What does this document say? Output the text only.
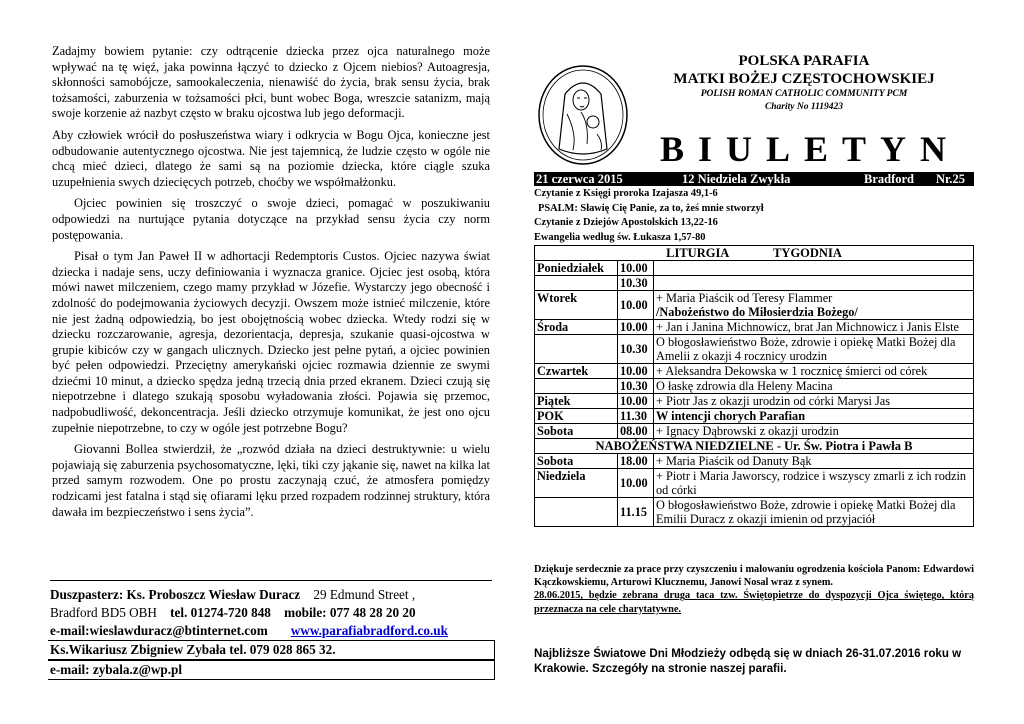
Zadajmy bowiem pytanie: czy odtrącenie dziecka przez ojca naturalnego może wpływać na tę więź, jaka powinna łączyć to dziecko z Ojcem niebios? Autoagresja, skłonności samobójcze, samookaleczenia, nienawiść do życia, brak sensu życia, brak tożsamości, zaburzenia w tożsamości płci, bunt wobec Boga, wreszcie satanizm, mają swoje korzenie aż nazbyt często w braku ojcostwa lub jego deformacji.

Aby człowiek wrócił do posłuszeństwa wiary i odkrycia w Bogu Ojca, konieczne jest odbudowanie autentycznego ojcostwa. Nie jest tajemnicą, że ludzie często w ogóle nie chcą mieć dzieci, dlatego że sami są na poziomie dziecka, które ciągle szuka uzupełnienia swych dziecięcych potrzeb, choćby we współmałżonku.

Ojciec powinien się troszczyć o swoje dzieci, pomagać w poszukiwaniu odpowiedzi na nurtujące pytania dotyczące na przykład sensu życia czy norm postępowania.

Pisał o tym Jan Paweł II w adhortacji Redemptoris Custos. Ojciec nazywa świat dziecka i nadaje sens, uczy definiowania i wyznacza granice. Ojciec jest osobą, która mówi nawet milczeniem, czego mamy przykład w Józefie. Wystarczy jego obecność i zdolność do podejmowania życiowych decyzji. Owszem może istnieć milczenie, które nie jest żadną odpowiedzią, bo jest obojętnością wobec dziecka. Wtedy rodzi się w dziecku rozczarowanie, agresja, dezorientacja, depresja, szukanie quasi-ojcostwa w grupie kibiców czy w gangach ulicznych. Dziecko jest pełne pytań, a ojciec powinien być pełen odpowiedzi. Przeciętny amerykański ojciec rozmawia dziennie ze swymi dziećmi 10 minut, a dziecko spędza jedną trzecią dnia przed ekranem. Dzieci czują się niepotrzebne i dlatego szukają sposobu wyładowania złości. Pojawia się przemoc, nadpobudliwość, dekoncentracja. Jeśli dziecko otrzymuje komunikat, że jest ono ojcu zupełnie niepotrzebne, to czy w ogóle jest potrzebne Bogu?

Giovanni Bollea stwierdził, że „rozwód działa na dzieci destruktywnie: u wielu pojawiają się zaburzenia psychosomatyczne, lęki, tiki czy jąkanie się, nawet na kilka lat przed samym rozwodem. One po prostu zaczynają czuć, że atmosfera pomiędzy rodzicami jest fatalna i stąd się ofiarami lęku przed rozpadem rodzinnej struktury, która dawała im bezpieczeństwo i sens życia”.

Duszpasterz: Ks. Proboszcz Wiesław Duracz 29 Edmund Street ,
Bradford BD5 OBH tel. 01274-720 848 mobile: 077 48 28 20 20
e-mail:wieslawduracz@btinternet.com www.parafiabradford.co.uk
Ks.Wikariusz Zbigniew Zybała tel. 079 028 865 32.
e-mail: zybala.z@wp.pl
POLSKA PARAFIA
MATKI BOŻEJ CZĘSTOCHOWSKIEJ
POLISH ROMAN CATHOLIC COMMUNITY PCM
Charity No 1119423
BIULETYN
21 czerwca 2015	12 Niedziela Zwykła	Bradford Nr.25
Czytanie z Księgi proroka Izajasza 49,1-6
PSALM: Sławię Cię Panie, za to, żeś mnie stworzył
Czytanie z Dziejów Apostolskich 13,22-16
Ewangelia według św. Łukasza 1,57-80
LITURGIA TYGODNIA		
Poniedziałek	10.00	
	10.30	
Wtorek	10.00	+ Maria Piaścik od Teresy Flammer
/Nabożeństwo do Miłosierdzia Bożego/

Środa	10.00	+ Jan i Janina Michnowicz, brat Jan Michnowicz i Janis Elste
	10.30	O błogosławieństwo Boże, zdrowie i opiekę Matki Bożej dla Amelii z okazji 4 rocznicy urodzin
Czwartek	10.00	+ Aleksandra Dekowska w 1 rocznicę śmierci od córek
	10.30	O łaskę zdrowia dla Heleny Macina
Piątek	10.00	+ Piotr Jas z okazji urodzin od córki Marysi Jas
POK	11.30	W intencji chorych Parafian
Sobota	08.00	+ Ignacy Dąbrowski z okazji urodzin
NABOŻEŃSTWA NIEDZIELNE - Ur. Św. Piotra i Pawła B		
Sobota	18.00	+ Maria Piaścik od Danuty Bąk
Niedziela	10.00	+ Piotr i Maria Jaworscy, rodzice i wszyscy zmarli z ich rodzin od córki
	11.15	O błogosławieństwo Boże, zdrowie i opiekę Matki Bożej dla Emilii Duracz z okazji imienin od przyjaciół

Dziękuje serdecznie za prace przy czyszczeniu i malowaniu ogrodzenia kościoła Panom: Edwardowi Kączkowskiemu, Arturowi Klucznemu, Janowi Nosal wraz z synem.

28.06.2015, będzie zebrana druga taca tzw. Świętopietrze do dyspozycji Ojca świętego, którą przeznacza na cele charytatywne.

Najbliższe Światowe Dni Młodzieży odbędą się w dniach 26-31.07.2016 roku w Krakowie. Szczegóły na stronie naszej parafii.
